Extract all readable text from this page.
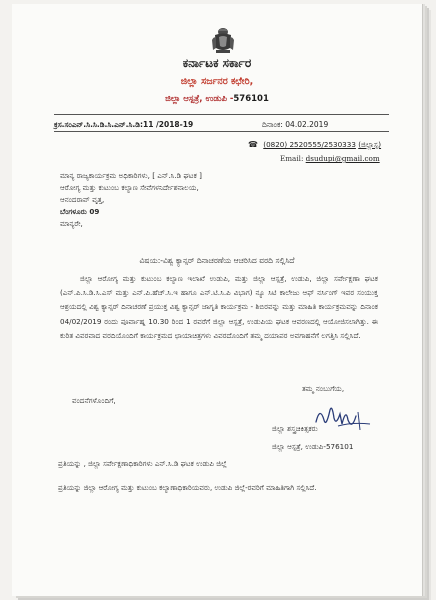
ಕರ್ನಾಟಕ ಸರ್ಕಾರ
ಜಿಲ್ಲಾ ಸರ್ಜನರ ಕಛೇರಿ,
ಜಿಲ್ಲಾ ಆಸ್ಪತ್ರೆ, ಉಡುಪಿ -576101
ಕ್ರಸ.ಸಂಎನ್.ಸಿ.ಸಿ.ಡಿ.ಸಿ.ಎನ್.ಸಿ.ಡಿ:11 /2018-19	ದಿನಾಂಕ: 04.02.2019
☎ (0820) 2520555/2530333 (ಜಿಲ್ಲಾಸ್ಪ)
Email: dsudupi@gmail.com
ಮಾನ್ಯ ರಾಜ್ಯಕಾರ್ಯಕ್ರಮ ಅಧಿಕಾರಿಗಳು, [ ಎನ್.ಸಿ.ಡಿ ಘಟಕ ]
ಆರೋಗ್ಯ ಮತ್ತು ಕುಟುಂಬ ಕಲ್ಯಾಣ ಸೇವೆಗಳನಿರ್ದೇಶನಾಲಯ,
ಆನಂದರಾವ್ ವೃತ್ತ,
ಬೆಂಗಳೂರು 09
ಮಾನ್ಯರೇ,
ವಿಷಯ:-ವಿಶ್ವ ಕ್ಯಾನ್ಸರ್ ದಿನಾಚರಣೆಯ ಆಚರಿಸಿದ ವರದಿ ಸಲ್ಲಿಸಿದೆ
ಜಿಲ್ಲಾ ಆರೋಗ್ಯ ಮತ್ತು ಕುಟುಂಬ ಕಲ್ಯಾಣ ಇಲಾಖೆ ಉಡುಪಿ, ಮತ್ತು ಜಿಲ್ಲಾ ಆಸ್ಪತ್ರೆ, ಉಡುಪಿ, ಜಿಲ್ಲಾ ಸರ್ವೇಕ್ಷಣಾ ಘಟಕ (ಎನ್.ಪಿ.ಸಿ.ಡಿ.ಸಿ.ಎಸ್ ಮತ್ತು ಎನ್.ಪಿ.ಹೆಚ್.ಸಿ.ಇ ಹಾಗೂ ಎನ್.ಟಿ.ಸಿ.ಪಿ ವಿಭಾಗ) ನ್ಯೂ ಸಿಟಿ ಕಾಲೇಜು ಆಫ್ ನರ್ಸಿಂಗ್ ಇವರ ಸಂಯುಕ್ತ ಆಶ್ರಯದಲ್ಲಿ ವಿಶ್ವ ಕ್ಯಾನ್ಸರ್ ದಿನಾಚರಣೆ ಪ್ರಯುಕ್ತ ವಿಶ್ವ ಕ್ಯಾನ್ಸರ್ ಜಾಗೃತಿ ಕಾರ್ಯಕ್ರಮ - ಶಿಬಿರವನ್ನು ಮತ್ತು ಮಾಹಿತಿ ಕಾರ್ಯಕ್ರಮವನ್ನು ದಿನಾಂಕ 04/02/2019 ರಂದು ಪೂರ್ವಾಹ್ನ 10.30 ರಿಂದ 1 ರವರೆಗೆ ಜಿಲ್ಲಾ ಆಸ್ಪತ್ರೆ, ಉಡುಪಿಯ ಘಟಕ ಆವರಣದಲ್ಲಿ ಆಯೋಜಿಸಲಾಗಿತ್ತು. ಈ ಕುರಿತ ವಿವರವಾದ ವರದಿಯೊಂದಿಗೆ ಕಾರ್ಯಕ್ರಮದ ಛಾಯಾಚಿತ್ರಗಳು ವಿವರದೊಂದಿಗೆ ತಮ್ಮ ದಯಾಪರ ಅವಗಾಹನೆಗೆ ಲಗತ್ತಿಸಿ ಸಲ್ಲಿಸಿದೆ.
ವಂದನೆಗಳೊಂದಿಗೆ,
ತಮ್ಮ ನಂಬುಗೆಯ,
ಜಿಲ್ಲಾ ಶಸ್ತ್ರಚಿಕಿತ್ಸಕರು
ಜಿಲ್ಲಾ ಆಸ್ಪತ್ರೆ, ಉಡುಪಿ-576101
ಪ್ರತಿಯನ್ನು , ಜಿಲ್ಲಾ ಸರ್ವೇಕ್ಷಣಾಧಿಕಾರಿಗಳು ಎನ್.ಸಿ.ಡಿ ಘಟಕ ಉಡುಪಿ ಜಿಲ್ಲೆ
ಪ್ರತಿಯನ್ನು ಜಿಲ್ಲಾ ಆರೋಗ್ಯ ಮತ್ತು ಕುಟುಂಬ ಕಲ್ಯಾಣಾಧಿಕಾರಿಯವರು, ಉಡುಪಿ ಜಿಲ್ಲೆ-ರವರಿಗೆ ಮಾಹಿತಿಗಾಗಿ ಸಲ್ಲಿಸಿದೆ.
